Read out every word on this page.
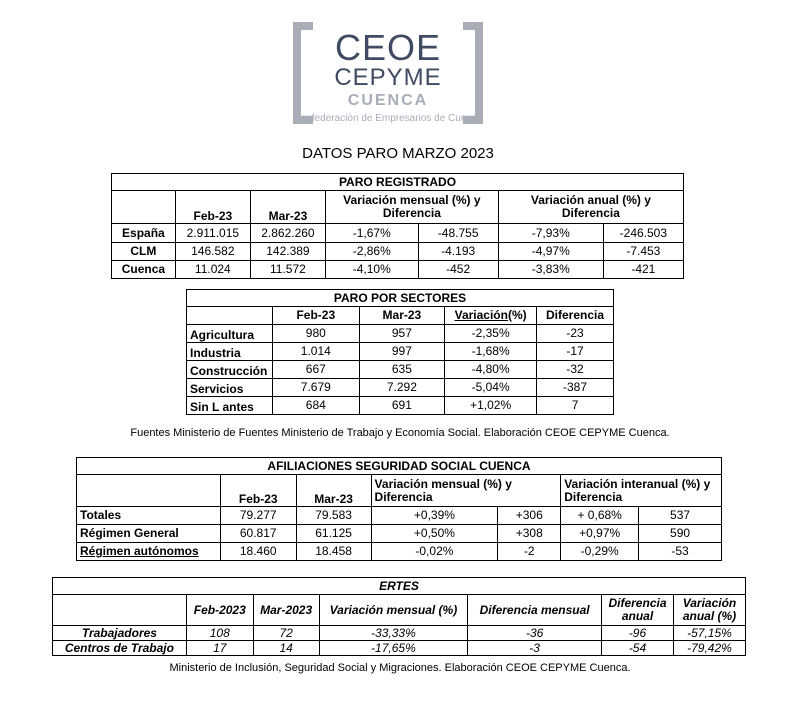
CEOE
CEPYME
CUENCA
Confederación de Empresarios de Cuenca
DATOS PARO MARZO 2023
PARO REGISTRADO						
	Feb-23	Mar-23	Variación mensual (%) y Diferencia		Variación anual (%) y Diferencia	
España	2.911.015	2.862.260	-1,67%	-48.755	-7,93%	-246.503
CLM	146.582	142.389	-2,86%	-4.193	-4,97%	-7.453
Cuenca	11.024	11.572	-4,10%	-452	-3,83%	-421
PARO POR SECTORES				
	Feb-23	Mar-23	Variación(%)	Diferencia
Agricultura	980	957	-2,35%	-23
Industria	1.014	997	-1,68%	-17
Construcción	667	635	-4,80%	-32
Servicios	7.679	7.292	-5,04%	-387
Sin L antes	684	691	+1,02%	7
Fuentes Ministerio de Fuentes Ministerio de Trabajo y Economía Social. Elaboración CEOE CEPYME Cuenca.
AFILIACIONES SEGURIDAD SOCIAL CUENCA						
	Feb-23	Mar-23	Variación mensual (%) y Diferencia		Variación interanual (%) y Diferencia	
Totales	79.277	79.583	+0,39%	+306	+ 0,68%	537
Régimen General	60.817	61.125	+0,50%	+308	+0,97%	590
Régimen autónomos	18.460	18.458	-0,02%	-2	-0,29%	-53
ERTES						
	Feb-2023	Mar-2023	Variación mensual (%)	Diferencia mensual	Diferencia anual	Variación anual (%)
Trabajadores	108	72	-33,33%	-36	-96	-57,15%
Centros de Trabajo	17	14	-17,65%	-3	-54	-79,42%
Ministerio de Inclusión, Seguridad Social y Migraciones. Elaboración CEOE CEPYME Cuenca.
